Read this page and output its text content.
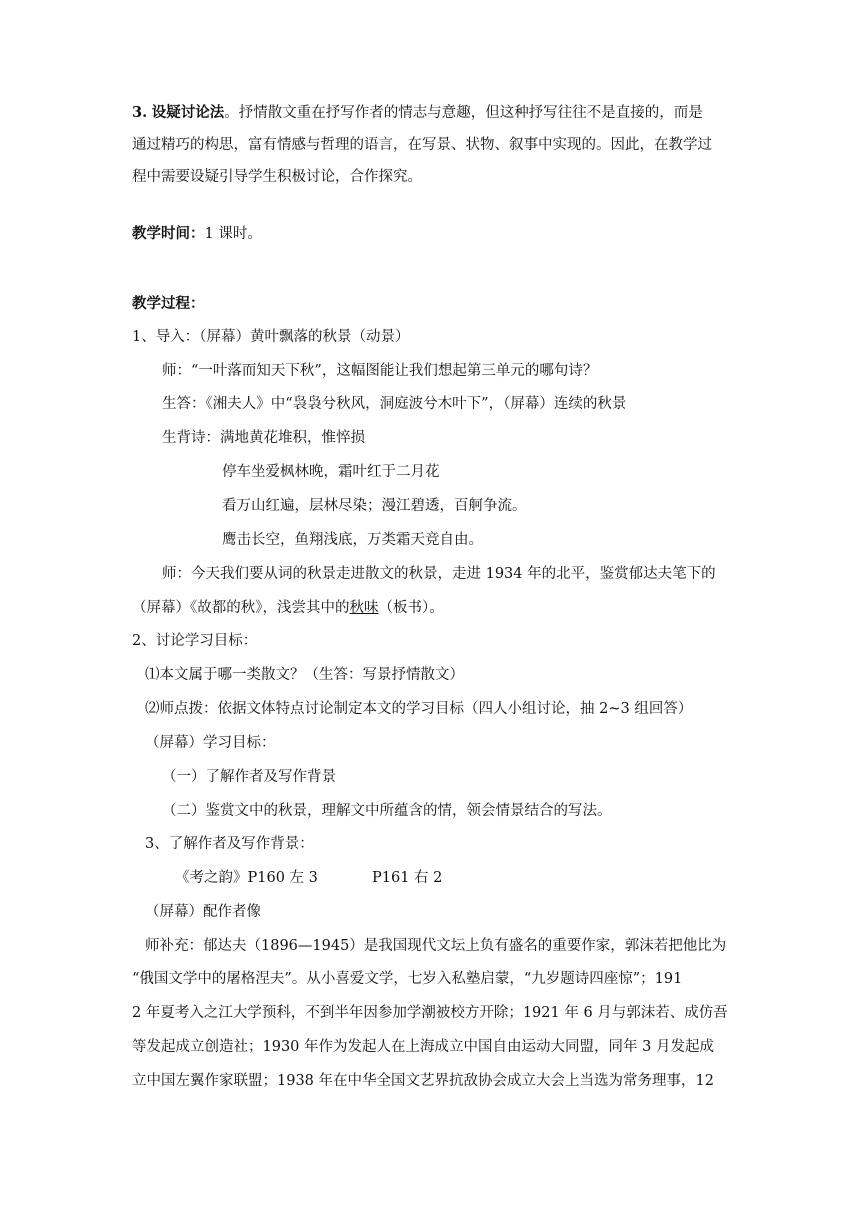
3. 设疑讨论法。抒情散文重在抒写作者的情志与意趣，但这种抒写往往不是直接的，而是
通过精巧的构思，富有情感与哲理的语言，在写景、状物、叙事中实现的。因此，在教学过
程中需要设疑引导学生积极讨论，合作探究。
教学时间：1 课时。
教学过程：
1、导入：（屏幕）黄叶飘落的秋景（动景）
师：“一叶落而知天下秋”，这幅图能让我们想起第三单元的哪句诗？
生答：《湘夫人》中“袅袅兮秋风，洞庭波兮木叶下”，（屏幕）连续的秋景
生背诗：满地黄花堆积，惟悴损
停车坐爱枫林晚，霜叶红于二月花
看万山红遍，层林尽染；漫江碧透，百舸争流。
鹰击长空，鱼翔浅底，万类霜天竞自由。
师：今天我们要从词的秋景走进散文的秋景，走进 1934 年的北平，鉴赏郁达夫笔下的
（屏幕）《故都的秋》，浅尝其中的秋味（板书）。
2、讨论学习目标：
⑴本文属于哪一类散文？（生答：写景抒情散文）
⑵师点拨：依据文体特点讨论制定本文的学习目标（四人小组讨论，抽 2~3 组回答）
（屏幕）学习目标：
（一）了解作者及写作背景
（二）鉴赏文中的秋景，理解文中所蕴含的情，领会情景结合的写法。
3、了解作者及写作背景：
《考之韵》P160 左 3	P161 右 2
（屏幕）配作者像
师补充：郁达夫（1896—1945）是我国现代文坛上负有盛名的重要作家，郭沫若把他比为
“俄国文学中的屠格涅夫”。从小喜爱文学，七岁入私塾启蒙，“九岁题诗四座惊”；191
2 年夏考入之江大学预科，不到半年因参加学潮被校方开除；1921 年 6 月与郭沫若、成仿吾
等发起成立创造社；1930 年作为发起人在上海成立中国自由运动大同盟，同年 3 月发起成
立中国左翼作家联盟；1938 年在中华全国文艺界抗敌协会成立大会上当选为常务理事，12
